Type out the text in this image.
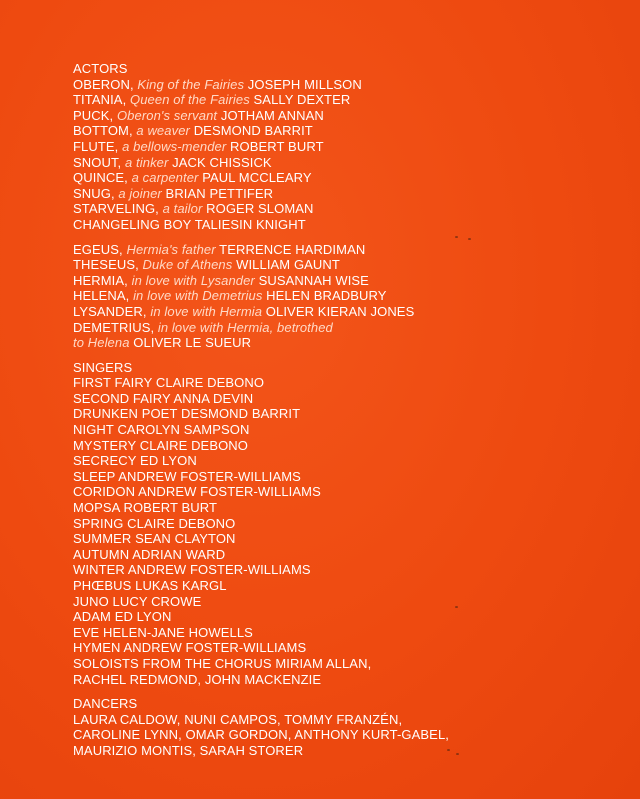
ACTORS
OBERON, King of the Fairies JOSEPH MILLSON
TITANIA, Queen of the Fairies SALLY DEXTER
PUCK, Oberon's servant JOTHAM ANNAN
BOTTOM, a weaver DESMOND BARRIT
FLUTE, a bellows-mender ROBERT BURT
SNOUT, a tinker JACK CHISSICK
QUINCE, a carpenter PAUL MCCLEARY
SNUG, a joiner BRIAN PETTIFER
STARVELING, a tailor ROGER SLOMAN
CHANGELING BOY TALIESIN KNIGHT
EGEUS, Hermia's father TERRENCE HARDIMAN
THESEUS, Duke of Athens WILLIAM GAUNT
HERMIA, in love with Lysander SUSANNAH WISE
HELENA, in love with Demetrius HELEN BRADBURY
LYSANDER, in love with Hermia OLIVER KIERAN JONES
DEMETRIUS, in love with Hermia, betrothed
to Helena OLIVER LE SUEUR
SINGERS
FIRST FAIRY CLAIRE DEBONO
SECOND FAIRY ANNA DEVIN
DRUNKEN POET DESMOND BARRIT
NIGHT CAROLYN SAMPSON
MYSTERY CLAIRE DEBONO
SECRECY ED LYON
SLEEP ANDREW FOSTER-WILLIAMS
CORIDON ANDREW FOSTER-WILLIAMS
MOPSA ROBERT BURT
SPRING CLAIRE DEBONO
SUMMER SEAN CLAYTON
AUTUMN ADRIAN WARD
WINTER ANDREW FOSTER-WILLIAMS
PHŒBUS LUKAS KARGL
JUNO LUCY CROWE
ADAM ED LYON
EVE HELEN-JANE HOWELLS
HYMEN ANDREW FOSTER-WILLIAMS
SOLOISTS FROM THE CHORUS MIRIAM ALLAN,
RACHEL REDMOND, JOHN MACKENZIE
DANCERS
LAURA CALDOW, NUNI CAMPOS, TOMMY FRANZÉN,
CAROLINE LYNN, OMAR GORDON, ANTHONY KURT-GABEL,
MAURIZIO MONTIS, SARAH STORER
